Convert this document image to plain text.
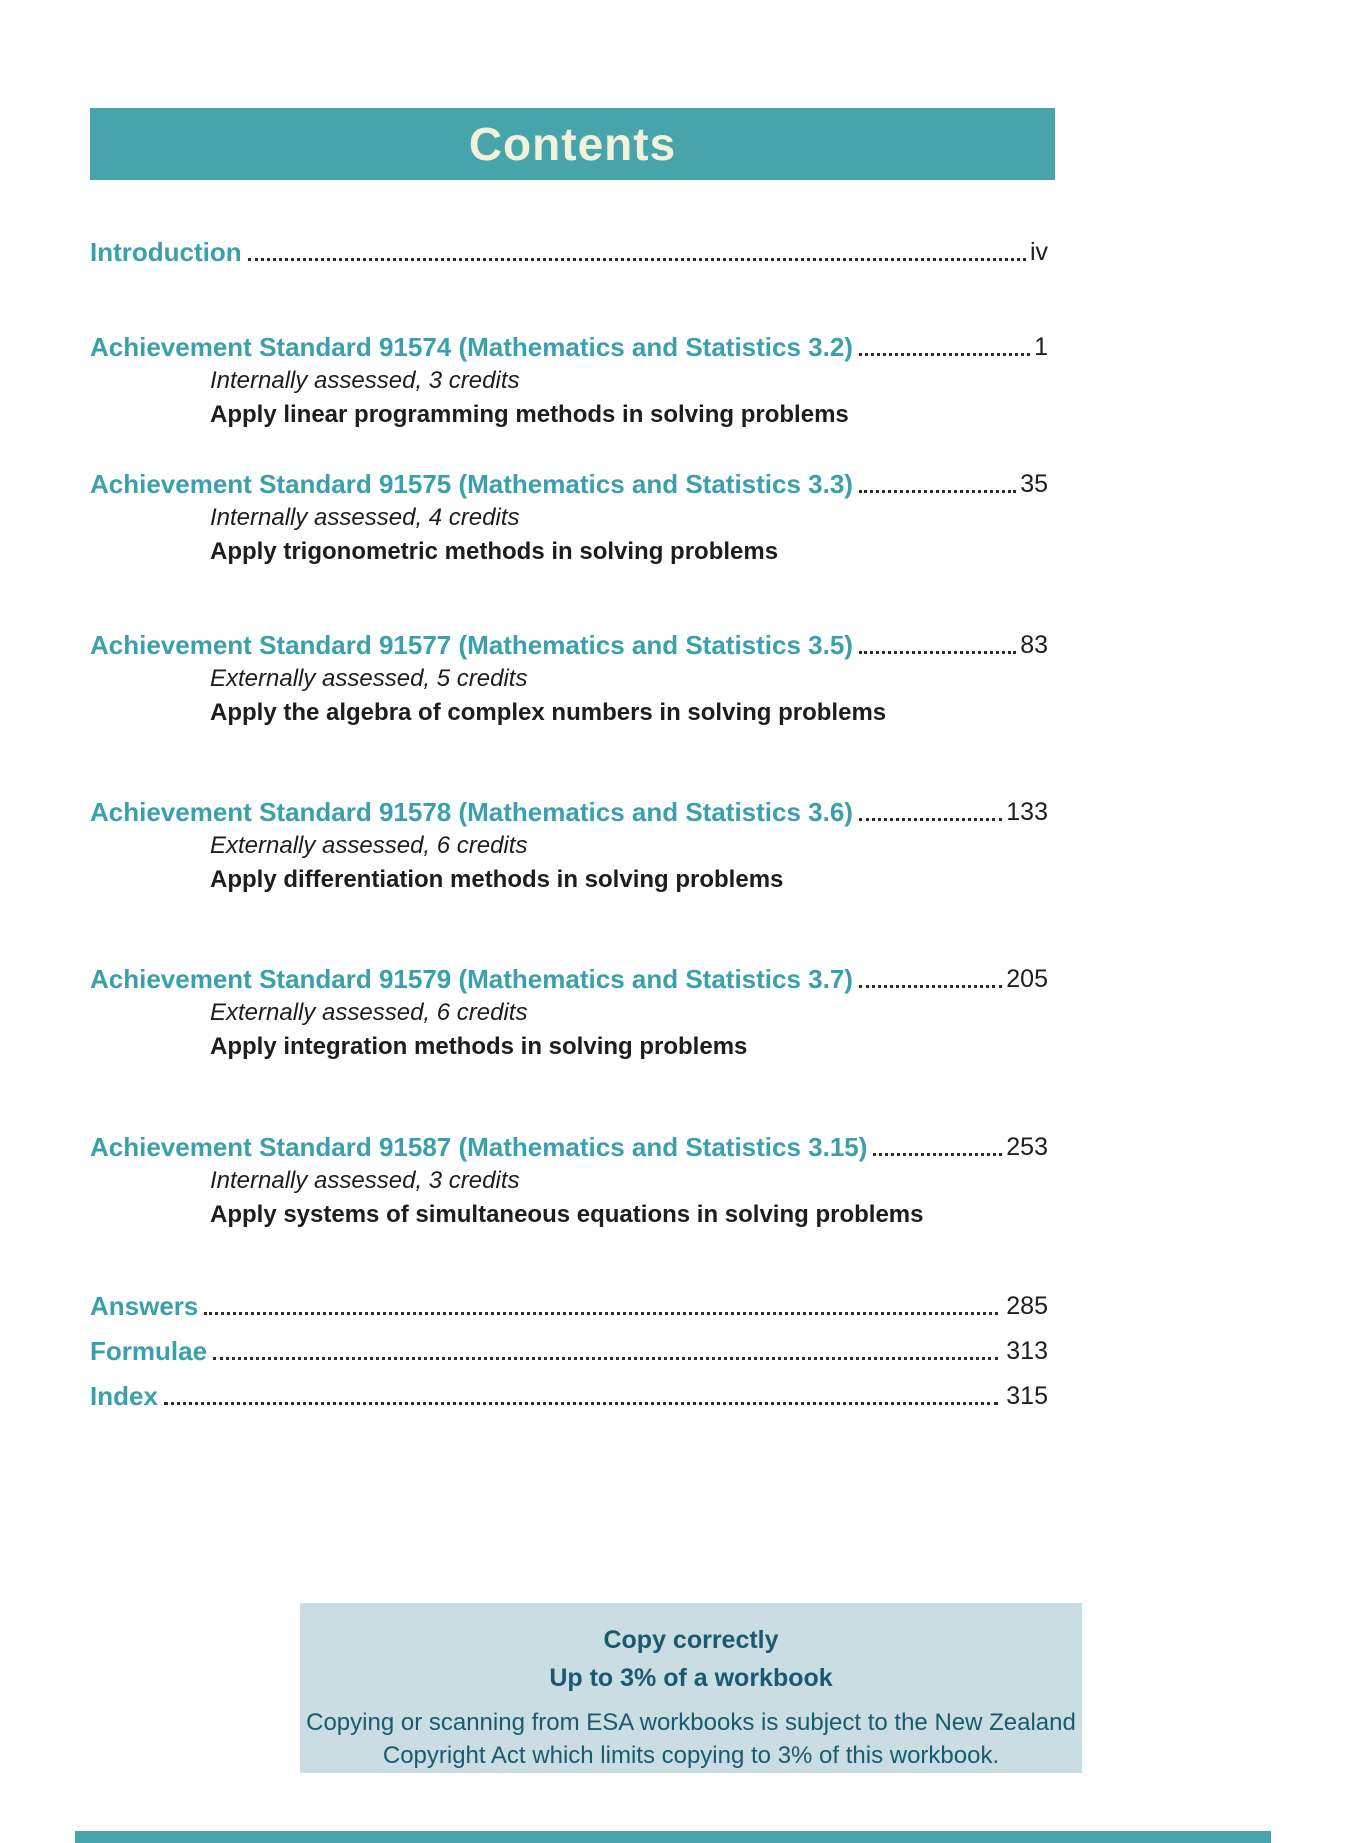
Contents
Introduction	iv
Achievement Standard 91574 (Mathematics and Statistics 3.2)	1
Internally assessed, 3 credits
Apply linear programming methods in solving problems
Achievement Standard 91575 (Mathematics and Statistics 3.3)	35
Internally assessed, 4 credits
Apply trigonometric methods in solving problems
Achievement Standard 91577 (Mathematics and Statistics 3.5)	83
Externally assessed, 5 credits
Apply the algebra of complex numbers in solving problems
Achievement Standard 91578 (Mathematics and Statistics 3.6)	133
Externally assessed, 6 credits
Apply differentiation methods in solving problems
Achievement Standard 91579 (Mathematics and Statistics 3.7)	205
Externally assessed, 6 credits
Apply integration methods in solving problems
Achievement Standard 91587 (Mathematics and Statistics 3.15)	253
Internally assessed, 3 credits
Apply systems of simultaneous equations in solving problems
Answers	285
Formulae	313
Index	315
Copy correctly
Up to 3% of a workbook
Copying or scanning from ESA workbooks is subject to the New Zealand
Copyright Act which limits copying to 3% of this workbook.
